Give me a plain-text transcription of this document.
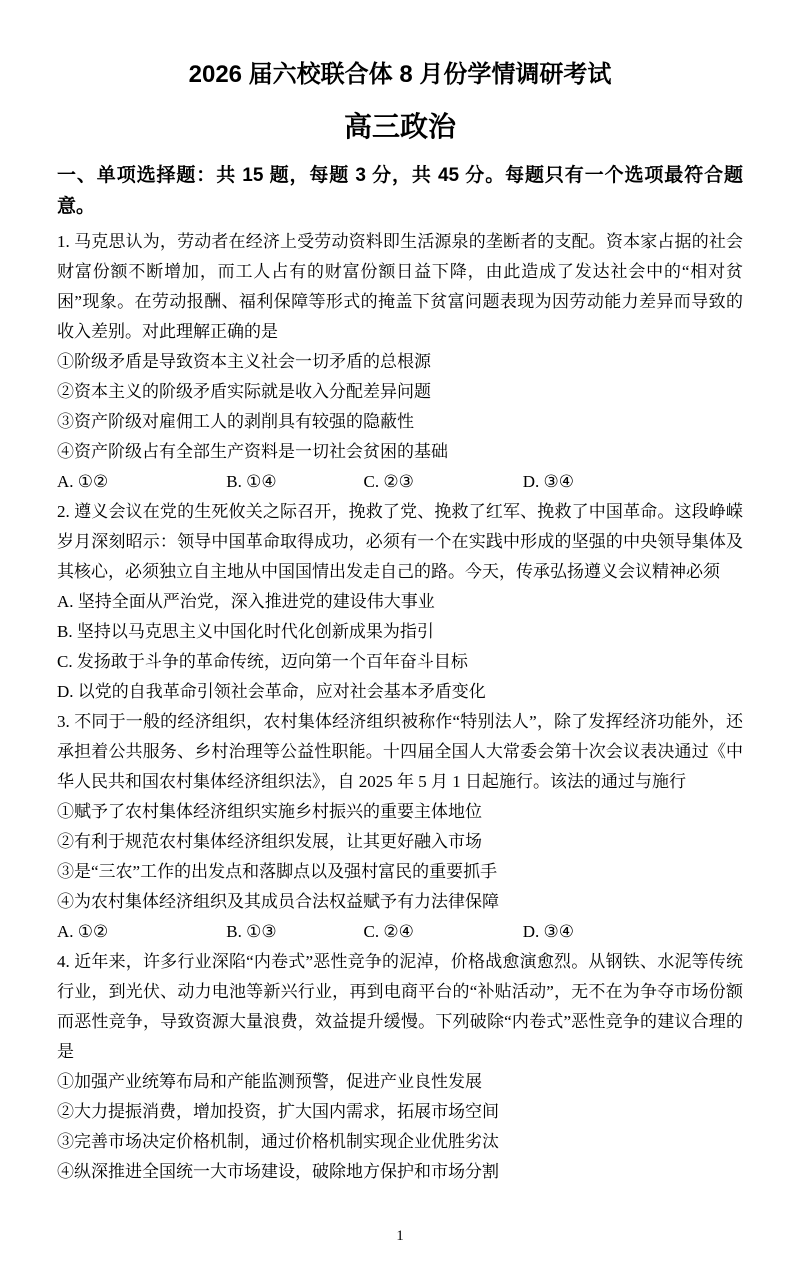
2026 届六校联合体 8 月份学情调研考试
高三政治
一、单项选择题：共 15 题，每题 3 分，共 45 分。每题只有一个选项最符合题意。

1. 马克思认为，劳动者在经济上受劳动资料即生活源泉的垄断者的支配。资本家占据的社会财富份额不断增加，而工人占有的财富份额日益下降，由此造成了发达社会中的“相对贫困”现象。在劳动报酬、福利保障等形式的掩盖下贫富问题表现为因劳动能力差异而导致的收入差别。对此理解正确的是

①阶级矛盾是导致资本主义社会一切矛盾的总根源

②资本主义的阶级矛盾实际就是收入分配差异问题

③资产阶级对雇佣工人的剥削具有较强的隐蔽性

④资产阶级占有全部生产资料是一切社会贫困的基础

A. ①②	B. ①④	C. ②③	D. ③④

2. 遵义会议在党的生死攸关之际召开，挽救了党、挽救了红军、挽救了中国革命。这段峥嵘岁月深刻昭示：领导中国革命取得成功，必须有一个在实践中形成的坚强的中央领导集体及其核心，必须独立自主地从中国国情出发走自己的路。今天，传承弘扬遵义会议精神必须

A. 坚持全面从严治党，深入推进党的建设伟大事业

B. 坚持以马克思主义中国化时代化创新成果为指引

C. 发扬敢于斗争的革命传统，迈向第一个百年奋斗目标

D. 以党的自我革命引领社会革命，应对社会基本矛盾变化

3. 不同于一般的经济组织，农村集体经济组织被称作“特别法人”，除了发挥经济功能外，还承担着公共服务、乡村治理等公益性职能。十四届全国人大常委会第十次会议表决通过《中华人民共和国农村集体经济组织法》，自 2025 年 5 月 1 日起施行。该法的通过与施行

①赋予了农村集体经济组织实施乡村振兴的重要主体地位

②有利于规范农村集体经济组织发展，让其更好融入市场

③是“三农”工作的出发点和落脚点以及强村富民的重要抓手

④为农村集体经济组织及其成员合法权益赋予有力法律保障

A. ①②	B. ①③	C. ②④	D. ③④

4. 近年来，许多行业深陷“内卷式”恶性竞争的泥淖，价格战愈演愈烈。从钢铁、水泥等传统行业，到光伏、动力电池等新兴行业，再到电商平台的“补贴活动”，无不在为争夺市场份额而恶性竞争，导致资源大量浪费，效益提升缓慢。下列破除“内卷式”恶性竞争的建议合理的是

①加强产业统筹布局和产能监测预警，促进产业良性发展

②大力提振消费，增加投资，扩大国内需求，拓展市场空间

③完善市场决定价格机制，通过价格机制实现企业优胜劣汰

④纵深推进全国统一大市场建设，破除地方保护和市场分割

1
